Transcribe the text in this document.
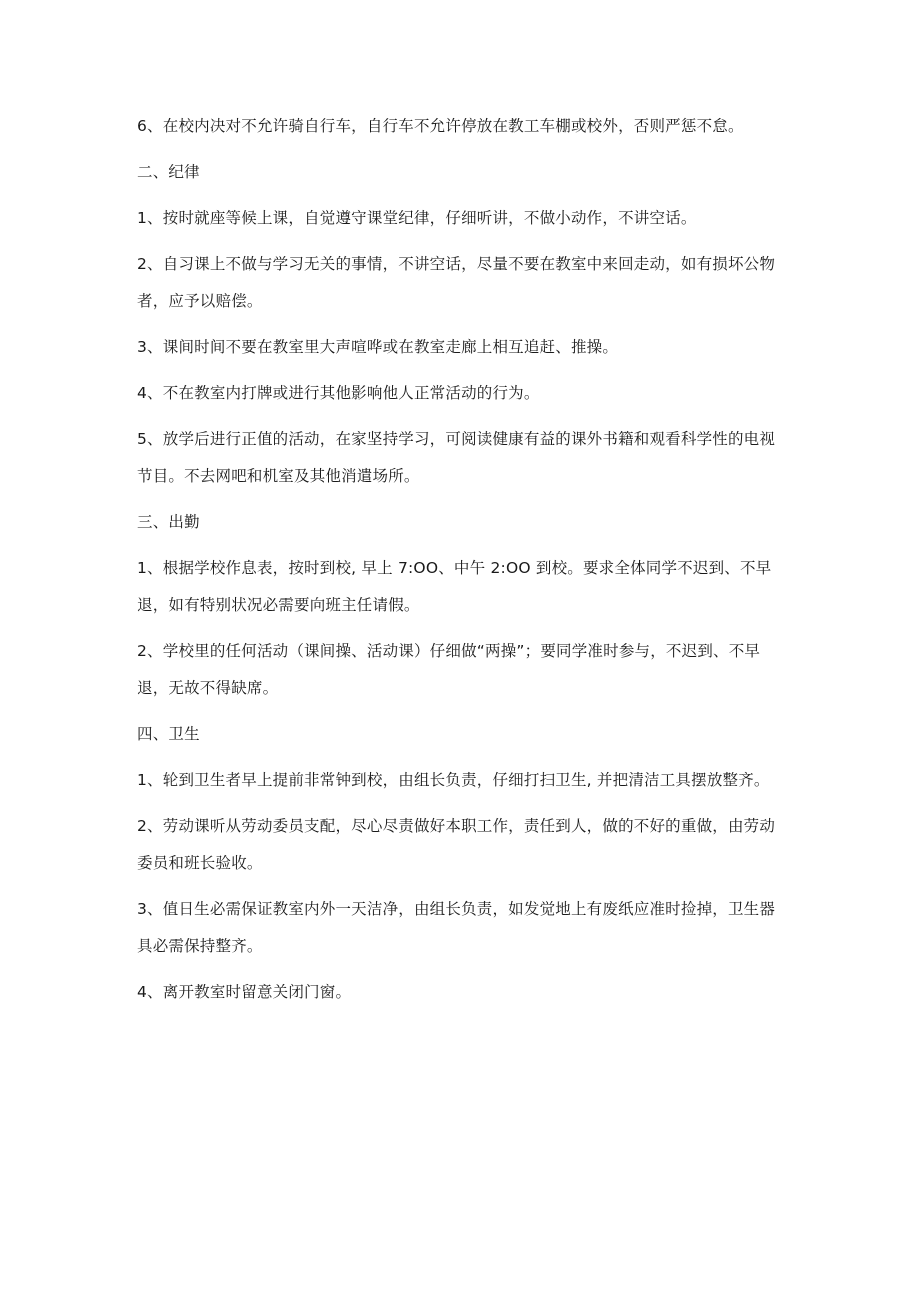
6、在校内决对不允许骑自行车，自行车不允许停放在教工车棚或校外，否则严惩不怠。

二、纪律

1、按时就座等候上课，自觉遵守课堂纪律，仔细听讲，不做小动作，不讲空话。

2、自习课上不做与学习无关的事情，不讲空话，尽量不要在教室中来回走动，如有损坏公物者，应予以赔偿。

3、课间时间不要在教室里大声喧哗或在教室走廊上相互追赶、推操。

4、不在教室内打牌或进行其他影响他人正常活动的行为。

5、放学后进行正值的活动，在家坚持学习，可阅读健康有益的课外书籍和观看科学性的电视节目。不去网吧和机室及其他消遣场所。

三、出勤

1、根据学校作息表，按时到校, 早上 7:OO、中午 2:OO 到校。要求全体同学不迟到、不早退，如有特别状况必需要向班主任请假。

2、学校里的任何活动（课间操、活动课）仔细做“两操”；要同学准时参与，不迟到、不早退，无故不得缺席。

四、卫生

1、轮到卫生者早上提前非常钟到校，由组长负责，仔细打扫卫生, 并把清洁工具摆放整齐。

2、劳动课听从劳动委员支配，尽心尽责做好本职工作，责任到人，做的不好的重做，由劳动委员和班长验收。

3、值日生必需保证教室内外一天洁净，由组长负责，如发觉地上有废纸应准时捡掉，卫生器具必需保持整齐。

4、离开教室时留意关闭门窗。
